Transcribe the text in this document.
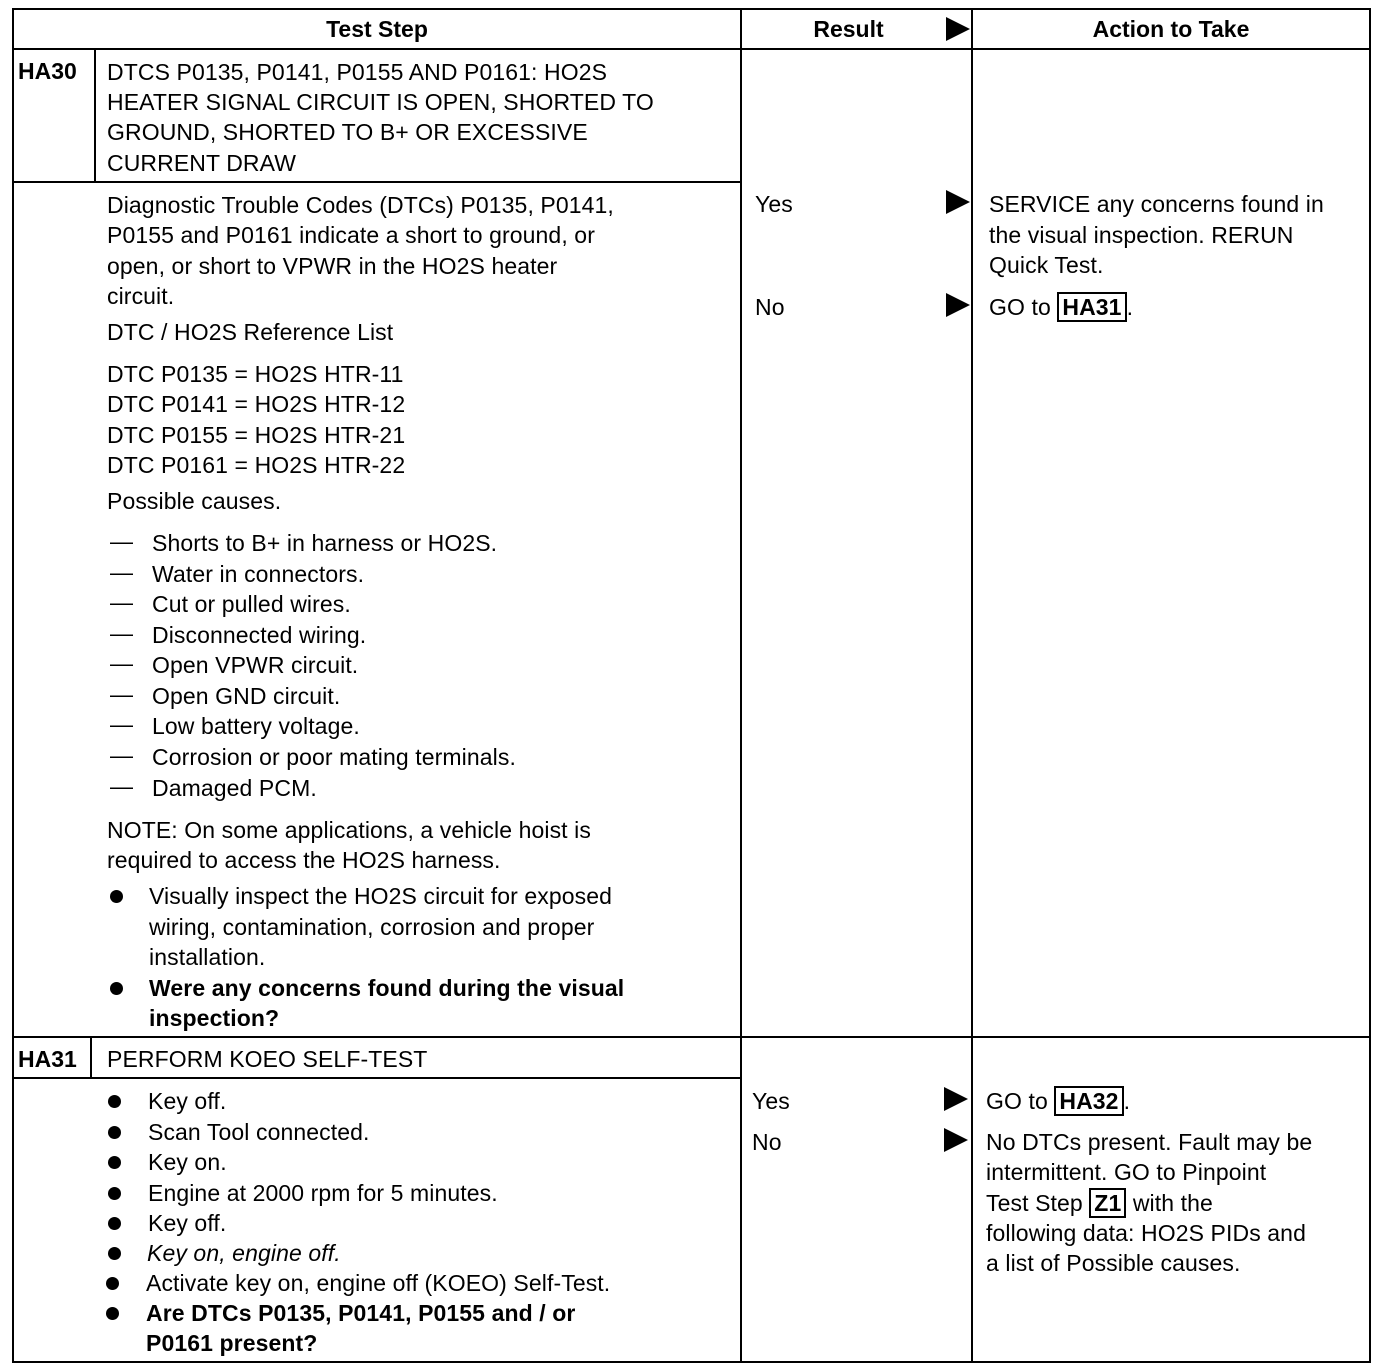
Test Step	Result	Action to Take
HA30 DTCS P0135, P0141, P0155 AND P0161: HO2S
HEATER SIGNAL CIRCUIT IS OPEN, SHORTED TO
GROUND, SHORTED TO B+ OR EXCESSIVE
CURRENT DRAW
Diagnostic Trouble Codes (DTCs) P0135, P0141,
P0155 and P0161 indicate a short to ground, or
open, or short to VPWR in the HO2S heater
circuit.
DTC / HO2S Reference List
DTC P0135 = HO2S HTR-11
DTC P0141 = HO2S HTR-12
DTC P0155 = HO2S HTR-21
DTC P0161 = HO2S HTR-22
Possible causes.
— Shorts to B+ in harness or HO2S.
— Water in connectors.
— Cut or pulled wires.
— Disconnected wiring.
— Open VPWR circuit.
— Open GND circuit.
— Low battery voltage.
— Corrosion or poor mating terminals.
— Damaged PCM.
NOTE: On some applications, a vehicle hoist is
required to access the HO2S harness.
Visually inspect the HO2S circuit for exposed
wiring, contamination, corrosion and proper
installation.
Were any concerns found during the visual
inspection?
Yes
No
SERVICE any concerns found in
the visual inspection. RERUN
Quick Test.
GO to HA31 .
HA31 PERFORM KOEO SELF-TEST
Key off.
Scan Tool connected.
Key on.
Engine at 2000 rpm for 5 minutes.
Key off.
Key on, engine off.
Activate key on, engine off (KOEO) Self-Test.
Are DTCs P0135, P0141, P0155 and / or
P0161 present?
Yes
No
GO to HA32 .
No DTCs present. Fault may be
intermittent. GO to Pinpoint
Test Step Z1 with the
following data: HO2S PIDs and
a list of Possible causes.
